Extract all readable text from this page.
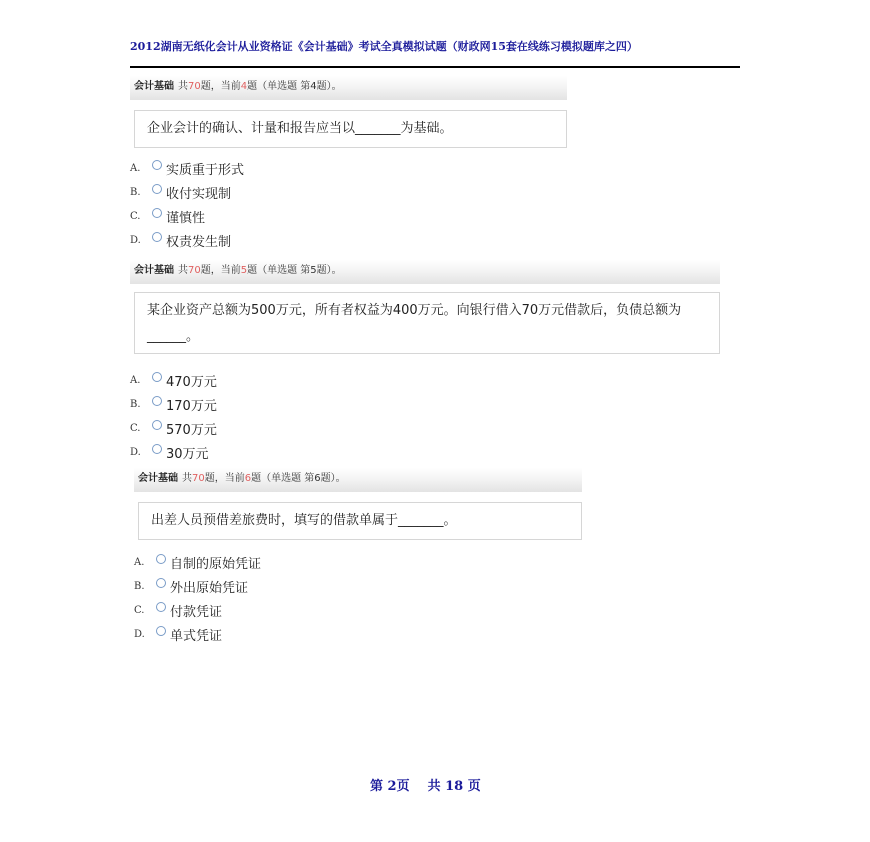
2012湖南无纸化会计从业资格证《会计基础》考试全真模拟试题（财政网15套在线练习模拟题库之四）
会计基础 共70题，当前4题（单选题 第4题）。
企业会计的确认、计量和报告应当以_______为基础。
A.	实质重于形式
B.	收付实现制
C.	谨慎性
D.	权责发生制
会计基础 共70题，当前5题（单选题 第5题）。
某企业资产总额为500万元，所有者权益为400万元。向银行借入70万元借款后，负债总额为______。
A.	470万元
B.	170万元
C.	570万元
D.	30万元
会计基础 共70题，当前6题（单选题 第6题）。
出差人员预借差旅费时，填写的借款单属于_______。
A.	自制的原始凭证
B.	外出原始凭证
C.	付款凭证
D.	单式凭证
第 2页 共 18 页
